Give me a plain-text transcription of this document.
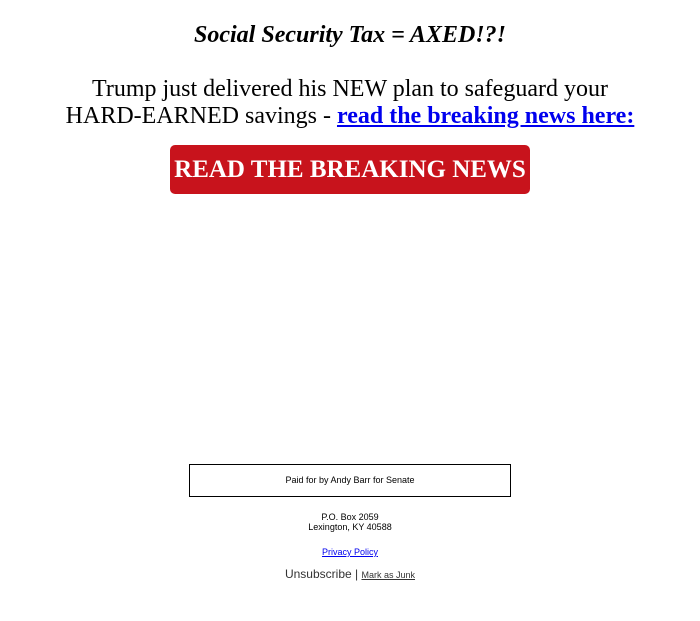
Social Security Tax = AXED!?!

Trump just delivered his NEW plan to safeguard your
HARD-EARNED savings - read the breaking news here:

READ THE BREAKING NEWS
Paid for by Andy Barr for Senate
P.O. Box 2059
Lexington, KY 40588
Privacy Policy
Unsubscribe | Mark as Junk
